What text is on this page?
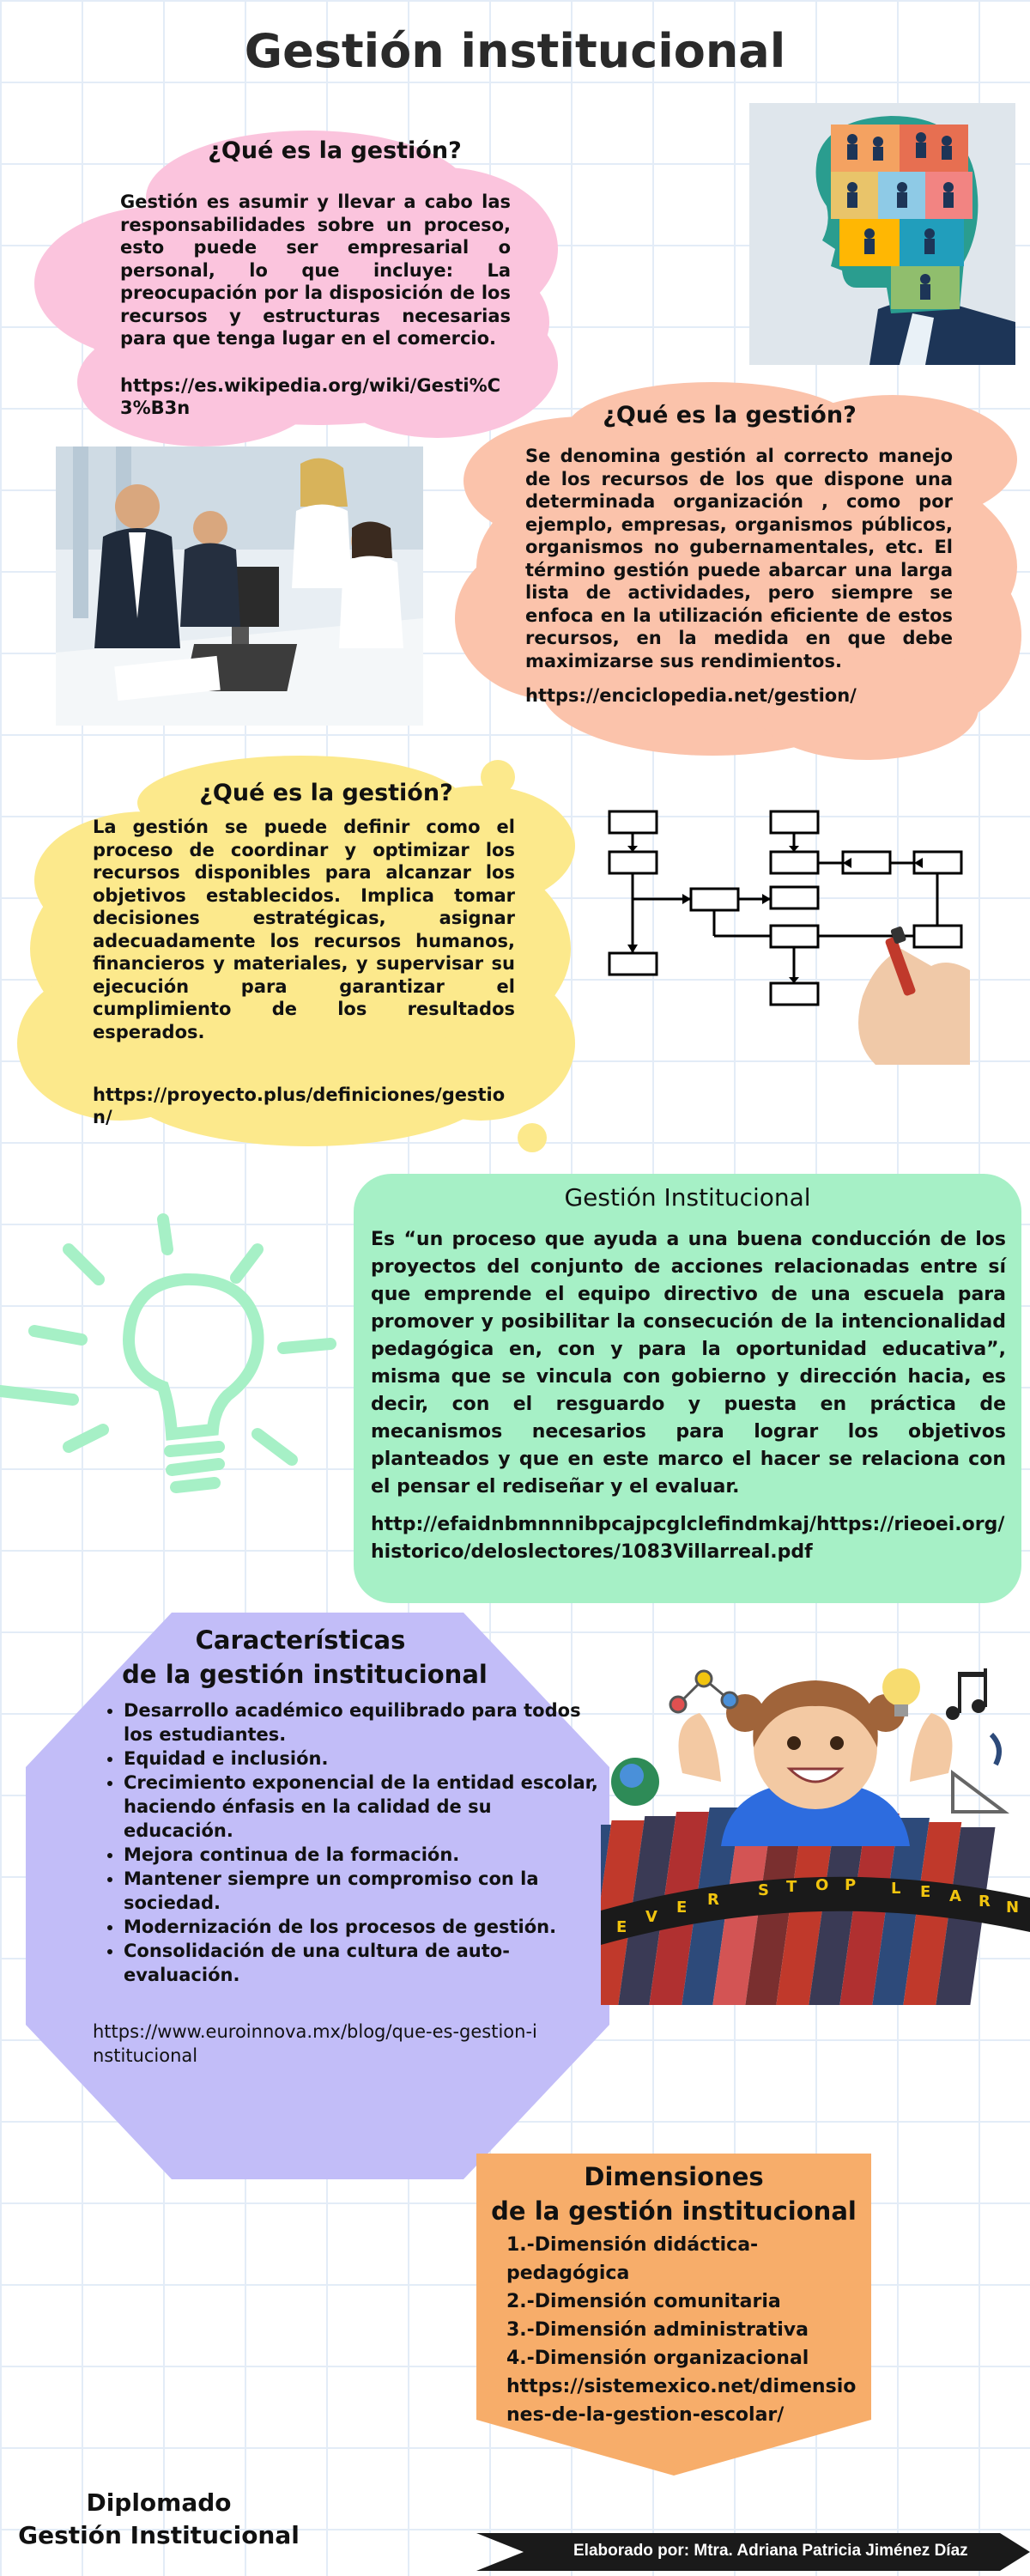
Gestión institucional
¿Qué es la gestión?
Gestión es asumir y llevar a cabo las responsabilidades sobre un proceso, esto puede ser empresarial o personal, lo que incluye: La preocupación por la disposición de los recursos y estructuras necesarias para que tenga lugar en el comercio.
https://es.wikipedia.org/wiki/Gesti%C3%B3n	¿Qué es la gestión?
Se denomina gestión al correcto manejo de los recursos de los que dispone una determinada organización , como por ejemplo, empresas, organismos públicos, organismos no gubernamentales, etc. El término gestión puede abarcar una larga lista de actividades, pero siempre se enfoca en la utilización eficiente de estos recursos, en la medida en que debe maximizarse sus rendimientos.
https://enciclopedia.net/gestion/
¿Qué es la gestión?
La gestión se puede definir como el proceso de coordinar y optimizar los recursos disponibles para alcanzar los objetivos establecidos. Implica tomar decisiones estratégicas, asignar adecuadamente los recursos humanos, financieros y materiales, y supervisar su ejecución para garantizar el cumplimiento de los resultados esperados.
https://proyecto.plus/definiciones/gestion/
Gestión Institucional
Es “un proceso que ayuda a una buena conducción de los proyectos del conjunto de acciones relacionadas entre sí que emprende el equipo directivo de una escuela para promover y posibilitar la consecución de la intencionalidad pedagógica en, con y para la oportunidad educativa”, misma que se vincula con gobierno y dirección hacia, es decir, con el resguardo y puesta en práctica de mecanismos necesarios para lograr los objetivos planteados y que en este marco el hacer se relaciona con el pensar el rediseñar y el evaluar.
http://efaidnbmnnnibpcajpcglclefindmkaj/https://rieoei.org/historico/deloslectores/1083Villarreal.pdf
Características
de la gestión institucional
• Desarrollo académico equilibrado para todos los estudiantes.
• Equidad e inclusión.
• Crecimiento exponencial de la entidad escolar, haciendo énfasis en la calidad de su educación.
• Mejora continua de la formación.
• Mantener siempre un compromiso con la sociedad.
• Modernización de los procesos de gestión.
• Consolidación de una cultura de auto-evaluación.
https://www.euroinnova.mx/blog/que-es-gestion-institucional
E
V
E R
S T O P L E A R N
Dimensiones
de la gestión institucional
1.-Dimensión didáctica-pedagógica
2.-Dimensión comunitaria
3.-Dimensión administrativa
4.-Dimensión organizacional
https://sistemexico.net/dimensiones-de-la-gestion-escolar/
Diplomado
Gestión Institucional
Elaborado por: Mtra. Adriana Patricia Jiménez Díaz
